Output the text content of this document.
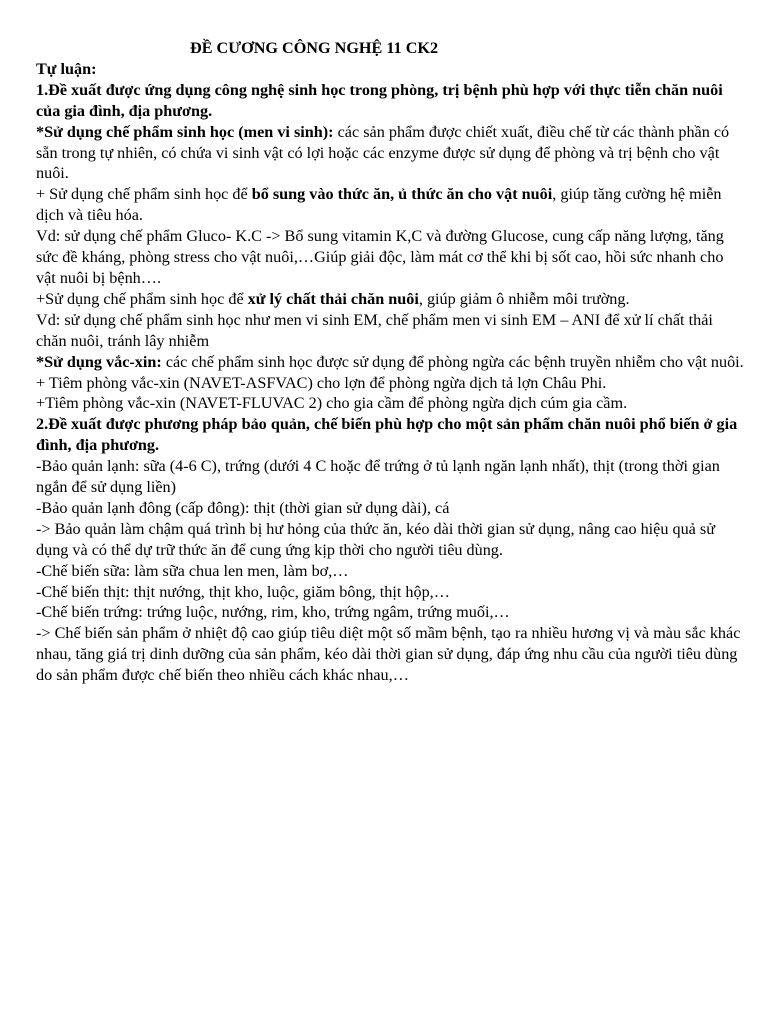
ĐỀ CƯƠNG CÔNG NGHỆ 11 CK2

Tự luận:

1.Đề xuất được ứng dụng công nghệ sinh học trong phòng, trị bệnh phù hợp với thực tiễn chăn nuôi của gia đình, địa phương.

*Sử dụng chế phẩm sinh học (men vi sinh): các sản phẩm được chiết xuất, điều chế từ các thành phần có sẵn trong tự nhiên, có chứa vi sinh vật có lợi hoặc các enzyme được sử dụng để phòng và trị bệnh cho vật nuôi.

+ Sử dụng chế phẩm sinh học để bổ sung vào thức ăn, ủ thức ăn cho vật nuôi, giúp tăng cường hệ miễn dịch và tiêu hóa.

Vd: sử dụng chế phẩm Gluco- K.C -> Bổ sung vitamin K,C và đường Glucose, cung cấp năng lượng, tăng sức đề kháng, phòng stress cho vật nuôi,…Giúp giải độc, làm mát cơ thể khi bị sốt cao, hồi sức nhanh cho vật nuôi bị bệnh….

+Sử dụng chế phẩm sinh học để xử lý chất thải chăn nuôi, giúp giảm ô nhiễm môi trường.

Vd: sử dụng chế phẩm sinh học như men vi sinh EM, chế phẩm men vi sinh EM – ANI để xử lí chất thải chăn nuôi, tránh lây nhiễm

*Sử dụng vắc-xin: các chế phẩm sinh học được sử dụng để phòng ngừa các bệnh truyền nhiễm cho vật nuôi.

+ Tiêm phòng vắc-xin (NAVET-ASFVAC) cho lợn để phòng ngừa dịch tả lợn Châu Phi.

+Tiêm phòng vắc-xin (NAVET-FLUVAC 2) cho gia cầm để phòng ngừa dịch cúm gia cầm.

2.Đề xuất được phương pháp bảo quản, chế biến phù hợp cho một sản phẩm chăn nuôi phổ biến ở gia đình, địa phương.

-Bảo quản lạnh: sữa (4-6 C), trứng (dưới 4 C hoặc để trứng ở tủ lạnh ngăn lạnh nhất), thịt (trong thời gian ngắn để sử dụng liền)

-Bảo quản lạnh đông (cấp đông): thịt (thời gian sử dụng dài), cá

-> Bảo quản làm chậm quá trình bị hư hỏng của thức ăn, kéo dài thời gian sử dụng, nâng cao hiệu quả sử dụng và có thể dự trữ thức ăn để cung ứng kịp thời cho người tiêu dùng.

-Chế biến sữa: làm sữa chua len men, làm bơ,…

-Chế biến thịt: thịt nướng, thịt kho, luộc, giăm bông, thịt hộp,…

-Chế biến trứng: trứng luộc, nướng, rim, kho, trứng ngâm, trứng muối,…

-> Chế biến sản phẩm ở nhiệt độ cao giúp tiêu diệt một số mầm bệnh, tạo ra nhiều hương vị và màu sắc khác nhau, tăng giá trị dinh dưỡng của sản phẩm, kéo dài thời gian sử dụng, đáp ứng nhu cầu của người tiêu dùng do sản phẩm được chế biến theo nhiều cách khác nhau,…
